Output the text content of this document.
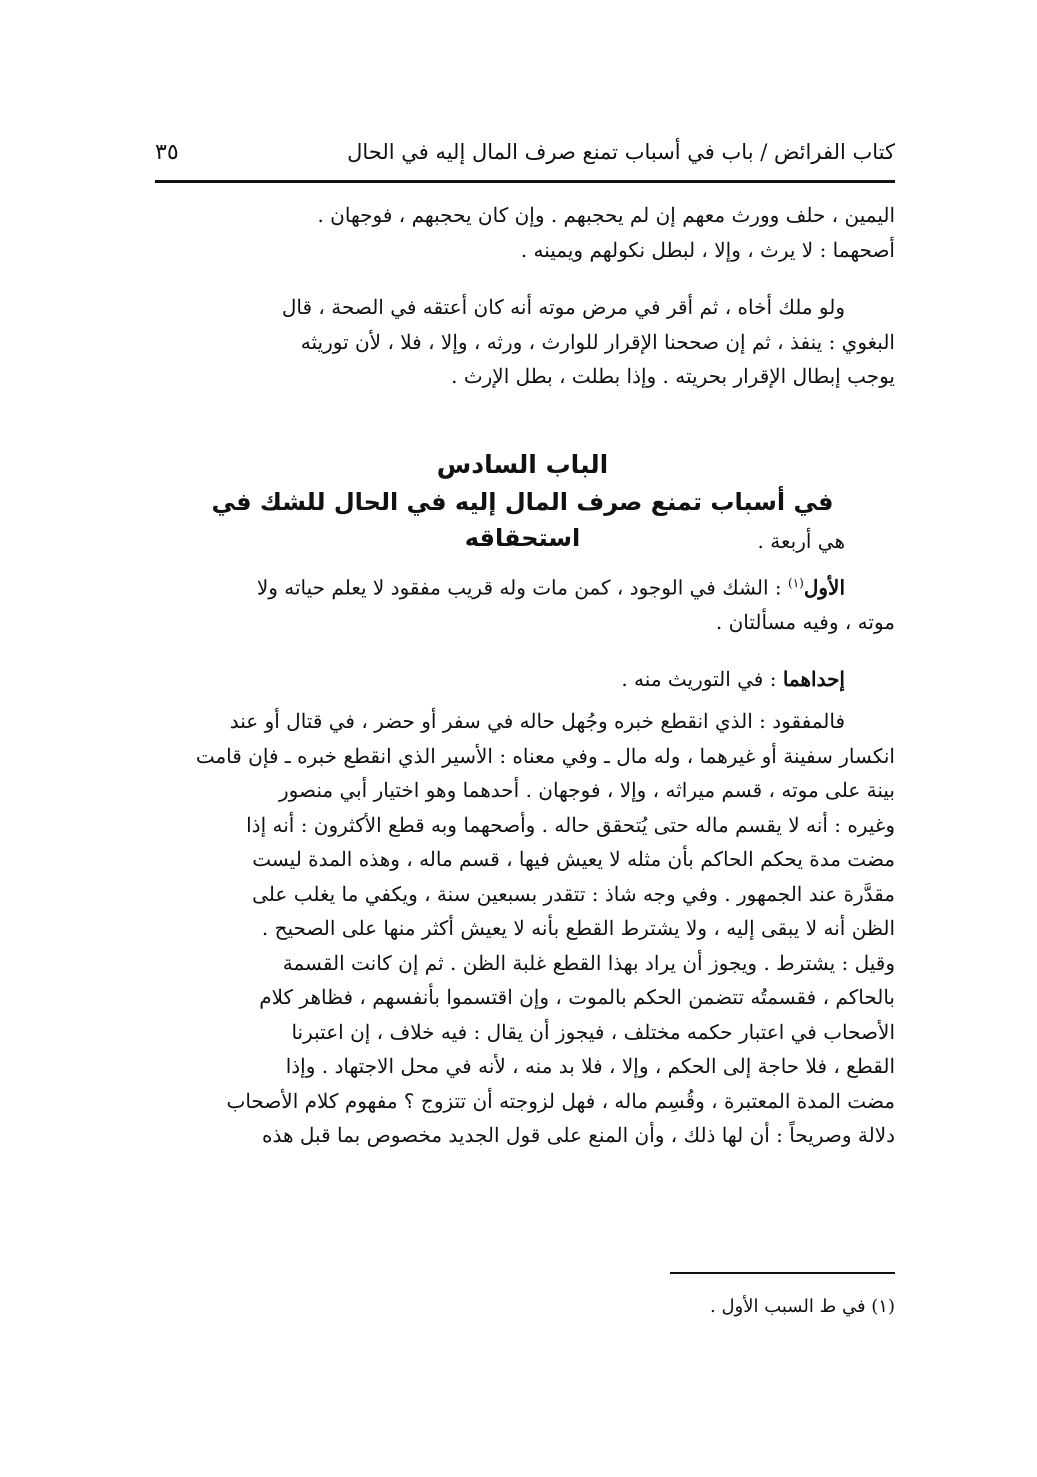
كتاب الفرائض / باب في أسباب تمنع صرف المال إليه في الحال
٣٥

اليمين ، حلف وورث معهم إن لم يحجبهم . وإن كان يحجبهم ، فوجهان .

أصحهما : لا يرث ، وإلا ، لبطل نكولهم ويمينه .

ولو ملك أخاه ، ثم أقر في مرض موته أنه كان أعتقه في الصحة ، قال

البغوي : ينفذ ، ثم إن صححنا الإقرار للوارث ، ورثه ، وإلا ، فلا ، لأن توريثه

يوجب إبطال الإقرار بحريته . وإذا بطلت ، بطل الإرث .

الباب السادس
في أسباب تمنع صرف المال إليه في الحال للشك في استحقاقه	هي أربعة .

الأول$^{(١)}$ : الشك في الوجود ، كمن مات وله قريب مفقود لا يعلم حياته ولا

موته ، وفيه مسألتان .

إحداهما : في التوريث منه .

فالمفقود : الذي انقطع خبره وجُهل حاله في سفر أو حضر ، في قتال أو عند

انكسار سفينة أو غيرهما ، وله مال ـ وفي معناه : الأسير الذي انقطع خبره ـ فإن قامت

بينة على موته ، قسم ميراثه ، وإلا ، فوجهان . أحدهما وهو اختيار أبي منصور

وغيره : أنه لا يقسم ماله حتى يُتحقق حاله . وأصحهما وبه قطع الأكثرون : أنه إذا

مضت مدة يحكم الحاكم بأن مثله لا يعيش فيها ، قسم ماله ، وهذه المدة ليست

مقدَّرة عند الجمهور . وفي وجه شاذ : تتقدر بسبعين سنة ، ويكفي ما يغلب على

الظن أنه لا يبقى إليه ، ولا يشترط القطع بأنه لا يعيش أكثر منها على الصحيح .

وقيل : يشترط . ويجوز أن يراد بهذا القطع غلبة الظن . ثم إن كانت القسمة

بالحاكم ، فقسمتُه تتضمن الحكم بالموت ، وإن اقتسموا بأنفسهم ، فظاهر كلام

الأصحاب في اعتبار حكمه مختلف ، فيجوز أن يقال : فيه خلاف ، إن اعتبرنا

القطع ، فلا حاجة إلى الحكم ، وإلا ، فلا بد منه ، لأنه في محل الاجتهاد . وإذا

مضت المدة المعتبرة ، وقُسِم ماله ، فهل لزوجته أن تتزوج ؟ مفهوم كلام الأصحاب

دلالة وصريحاً : أن لها ذلك ، وأن المنع على قول الجديد مخصوص بما قبل هذه

(١) في ط السبب الأول .
